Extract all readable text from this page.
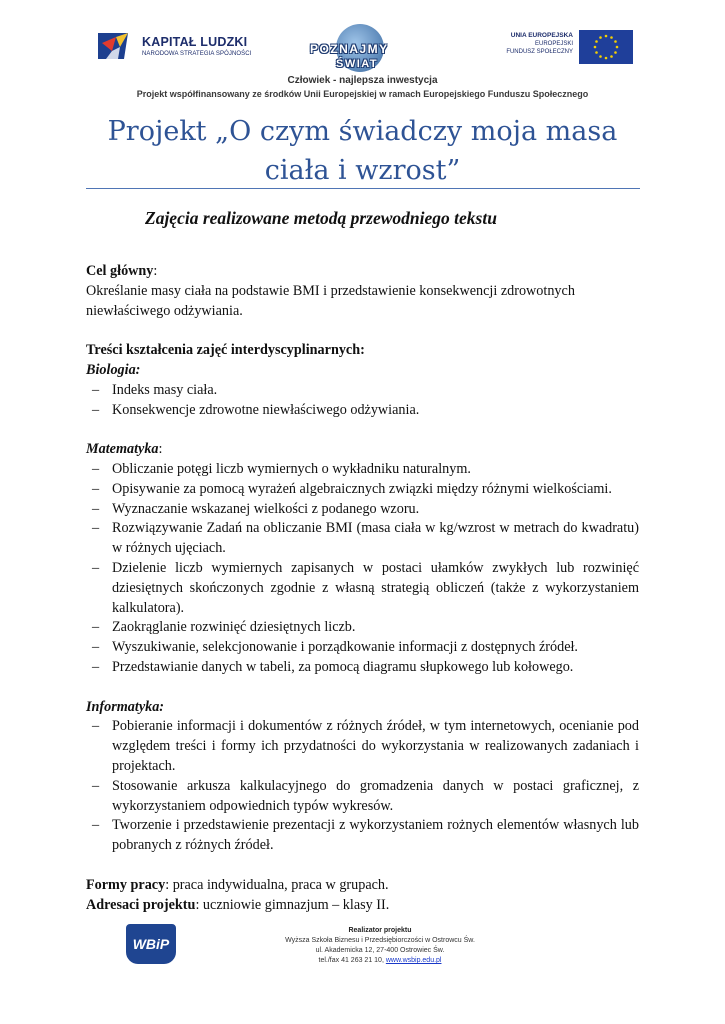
KAPITAŁ LUDZKI
NARODOWA STRATEGIA SPÓJNOŚCI	POZNAJMY
ŚWIAT
UNIA EUROPEJSKA
EUROPEJSKI
FUNDUSZ SPOŁECZNY
Człowiek - najlepsza inwestycja
Projekt współfinansowany ze środków Unii Europejskiej w ramach Europejskiego Funduszu Społecznego
Projekt „O czym świadczy moja masa
ciała i wzrost”
Zajęcia realizowane metodą przewodniego tekstu

Cel główny:

Określanie masy ciała na podstawie BMI i przedstawienie konsekwencji zdrowotnych niewłaściwego odżywiania.

Treści kształcenia zajęć interdyscyplinarnych:

Biologia:

– Indeks masy ciała.
– Konsekwencje zdrowotne niewłaściwego odżywiania.

Matematyka:

– Obliczanie potęgi liczb wymiernych o wykładniku naturalnym.
– Opisywanie za pomocą wyrażeń algebraicznych związki między różnymi wielkościami.
– Wyznaczanie wskazanej wielkości z podanego wzoru.
– Rozwiązywanie Zadań na obliczanie BMI (masa ciała w kg/wzrost w metrach do kwadratu) w różnych ujęciach.
– Dzielenie liczb wymiernych zapisanych w postaci ułamków zwykłych lub rozwinięć dziesiętnych skończonych zgodnie z własną strategią obliczeń (także z wykorzystaniem kalkulatora).
– Zaokrąglanie rozwinięć dziesiętnych liczb.
– Wyszukiwanie, selekcjonowanie i porządkowanie informacji z dostępnych źródeł.
– Przedstawianie danych w tabeli, za pomocą diagramu słupkowego lub kołowego.

Informatyka:

– Pobieranie informacji i dokumentów z różnych źródeł, w tym internetowych, ocenianie pod względem treści i formy ich przydatności do wykorzystania w realizowanych zadaniach i projektach.
– Stosowanie arkusza kalkulacyjnego do gromadzenia danych w postaci graficznej, z wykorzystaniem odpowiednich typów wykresów.
– Tworzenie i przedstawienie prezentacji z wykorzystaniem rożnych elementów własnych lub pobranych z różnych źródeł.

Formy pracy: praca indywidualna, praca w grupach.

Adresaci projektu: uczniowie gimnazjum – klasy II.

WBiP
Realizator projektu
Wyższa Szkoła Biznesu i Przedsiębiorczości w Ostrowcu Św.
ul. Akademicka 12, 27-400 Ostrowiec Św.
tel./fax 41 263 21 10, www.wsbip.edu.pl
